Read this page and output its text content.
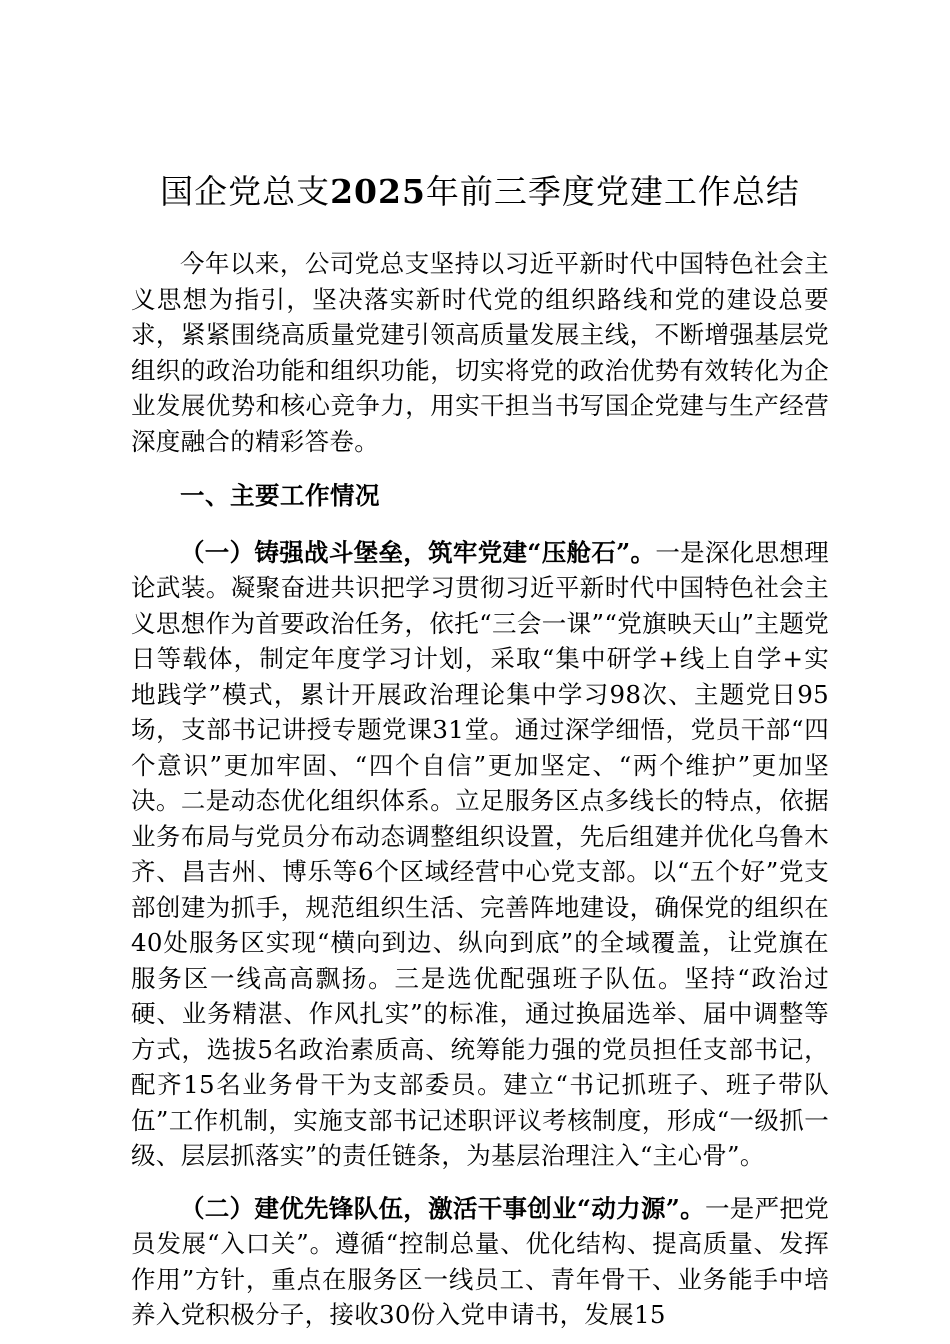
国企党总支2025年前三季度党建工作总结

今年以来，公司党总支坚持以习近平新时代中国特色社会主义思想为指引，坚决落实新时代党的组织路线和党的建设总要求，紧紧围绕高质量党建引领高质量发展主线，不断增强基层党组织的政治功能和组织功能，切实将党的政治优势有效转化为企业发展优势和核心竞争力，用实干担当书写国企党建与生产经营深度融合的精彩答卷。

一、主要工作情况

（一）铸强战斗堡垒，筑牢党建“压舱石”。一是深化思想理论武装。凝聚奋进共识把学习贯彻习近平新时代中国特色社会主义思想作为首要政治任务，依托“三会一课”“党旗映天山”主题党日等载体，制定年度学习计划，采取“集中研学+线上自学+实地践学”模式，累计开展政治理论集中学习98次、主题党日95场，支部书记讲授专题党课31堂。通过深学细悟，党员干部“四个意识”更加牢固、“四个自信”更加坚定、“两个维护”更加坚决。二是动态优化组织体系。立足服务区点多线长的特点，依据业务布局与党员分布动态调整组织设置，先后组建并优化乌鲁木齐、昌吉州、博乐等6个区域经营中心党支部。以“五个好”党支部创建为抓手，规范组织生活、完善阵地建设，确保党的组织在40处服务区实现“横向到边、纵向到底”的全域覆盖，让党旗在服务区一线高高飘扬。三是选优配强班子队伍。坚持“政治过硬、业务精湛、作风扎实”的标准，通过换届选举、届中调整等方式，选拔5名政治素质高、统筹能力强的党员担任支部书记，配齐15名业务骨干为支部委员。建立“书记抓班子、班子带队伍”工作机制，实施支部书记述职评议考核制度，形成“一级抓一级、层层抓落实”的责任链条，为基层治理注入“主心骨”。

（二）建优先锋队伍，激活干事创业“动力源”。一是严把党员发展“入口关”。遵循“控制总量、优化结构、提高质量、发挥作用”方针，重点在服务区一线员工、青年骨干、业务能手中培养入党积极分子，接收30份入党申请书，发展15
